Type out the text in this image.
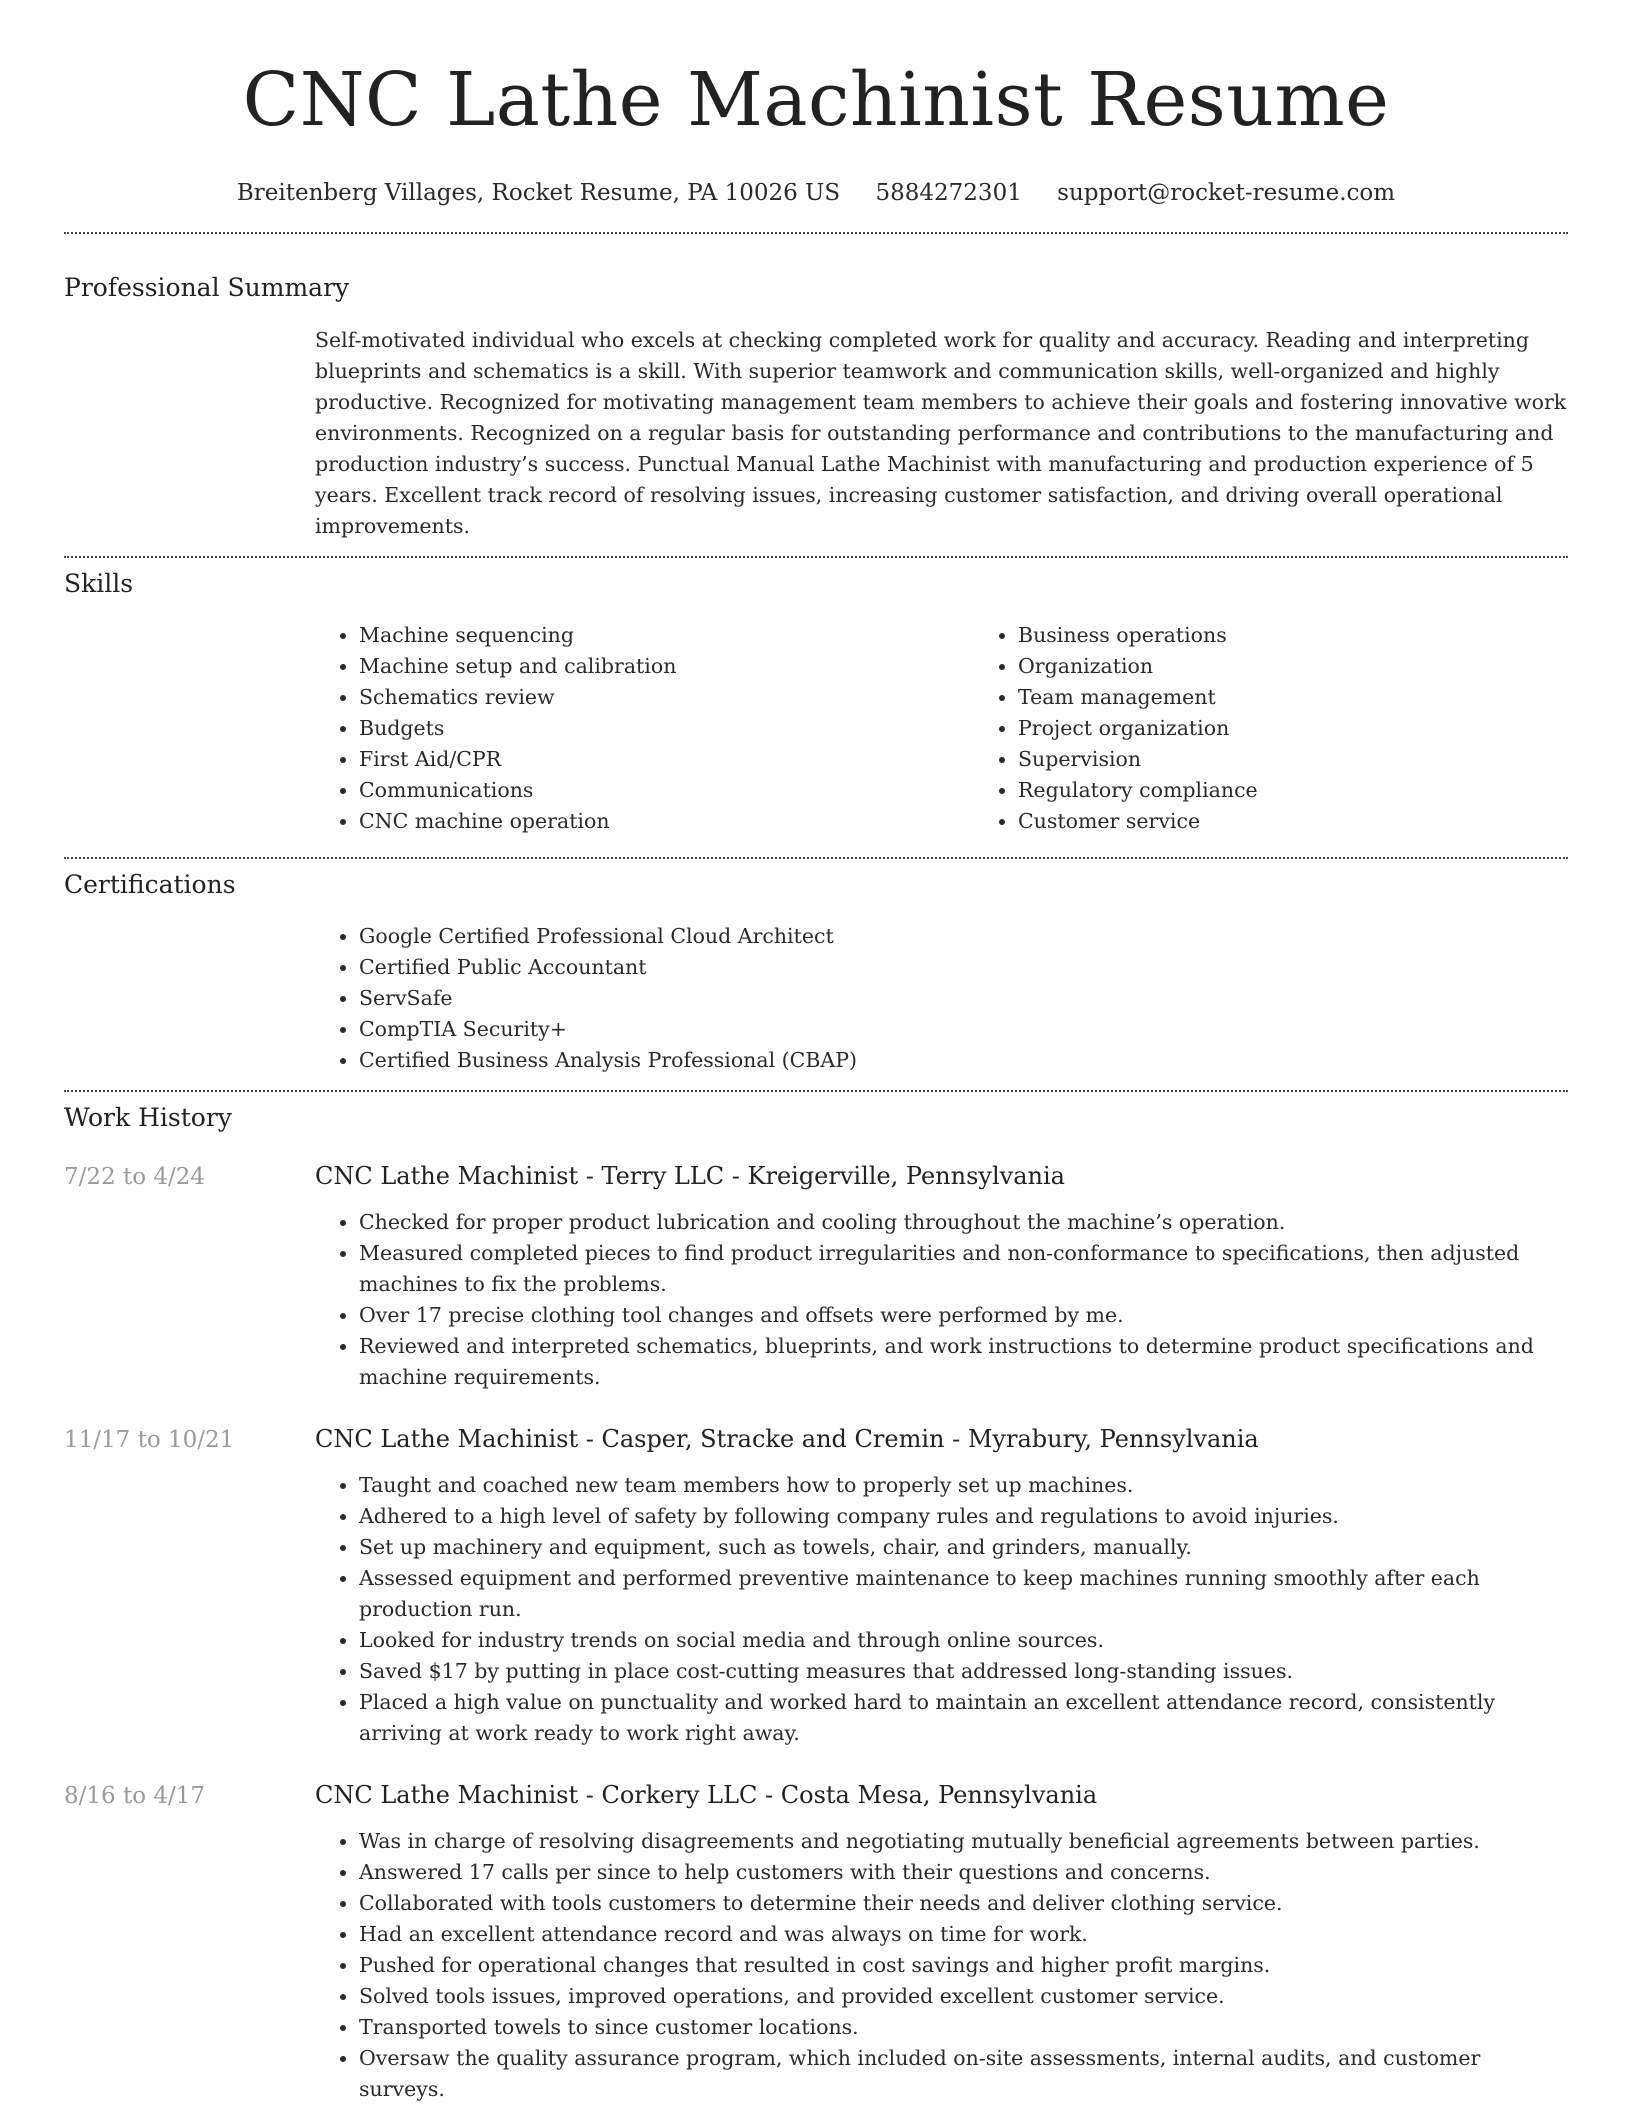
CNC Lathe Machinist Resume
Breitenberg Villages, Rocket Resume, PA 10026 US 5884272301 support@rocket-resume.com
Professional Summary

Self-motivated individual who excels at checking completed work for quality and accuracy. Reading and interpreting blueprints and schematics is a skill. With superior teamwork and communication skills, well-organized and highly productive. Recognized for motivating management team members to achieve their goals and fostering innovative work environments. Recognized on a regular basis for outstanding performance and contributions to the manufacturing and production industry’s success. Punctual Manual Lathe Machinist with manufacturing and production experience of 5 years. Excellent track record of resolving issues, increasing customer satisfaction, and driving overall operational improvements.

Skills
• Machine sequencing
• Machine setup and calibration
• Schematics review
• Budgets
• First Aid/CPR
• Communications
• CNC machine operation
• Business operations
• Organization
• Team management
• Project organization
• Supervision
• Regulatory compliance
• Customer service
Certifications
• Google Certified Professional Cloud Architect
• Certified Public Accountant
• ServSafe
• CompTIA Security+
• Certified Business Analysis Professional (CBAP)
Work History
7/22 to 4/24	CNC Lathe Machinist - Terry LLC - Kreigerville, Pennsylvania
• Checked for proper product lubrication and cooling throughout the machine’s operation.
• Measured completed pieces to find product irregularities and non-conformance to specifications, then adjusted machines to fix the problems.
• Over 17 precise clothing tool changes and offsets were performed by me.
• Reviewed and interpreted schematics, blueprints, and work instructions to determine product specifications and machine requirements.
11/17 to 10/21	CNC Lathe Machinist - Casper, Stracke and Cremin - Myrabury, Pennsylvania
• Taught and coached new team members how to properly set up machines.
• Adhered to a high level of safety by following company rules and regulations to avoid injuries.
• Set up machinery and equipment, such as towels, chair, and grinders, manually.
• Assessed equipment and performed preventive maintenance to keep machines running smoothly after each production run.
• Looked for industry trends on social media and through online sources.
• Saved $17 by putting in place cost-cutting measures that addressed long-standing issues.
• Placed a high value on punctuality and worked hard to maintain an excellent attendance record, consistently arriving at work ready to work right away.
8/16 to 4/17	CNC Lathe Machinist - Corkery LLC - Costa Mesa, Pennsylvania
• Was in charge of resolving disagreements and negotiating mutually beneficial agreements between parties.
• Answered 17 calls per since to help customers with their questions and concerns.
• Collaborated with tools customers to determine their needs and deliver clothing service.
• Had an excellent attendance record and was always on time for work.
• Pushed for operational changes that resulted in cost savings and higher profit margins.
• Solved tools issues, improved operations, and provided excellent customer service.
• Transported towels to since customer locations.
• Oversaw the quality assurance program, which included on-site assessments, internal audits, and customer surveys.
